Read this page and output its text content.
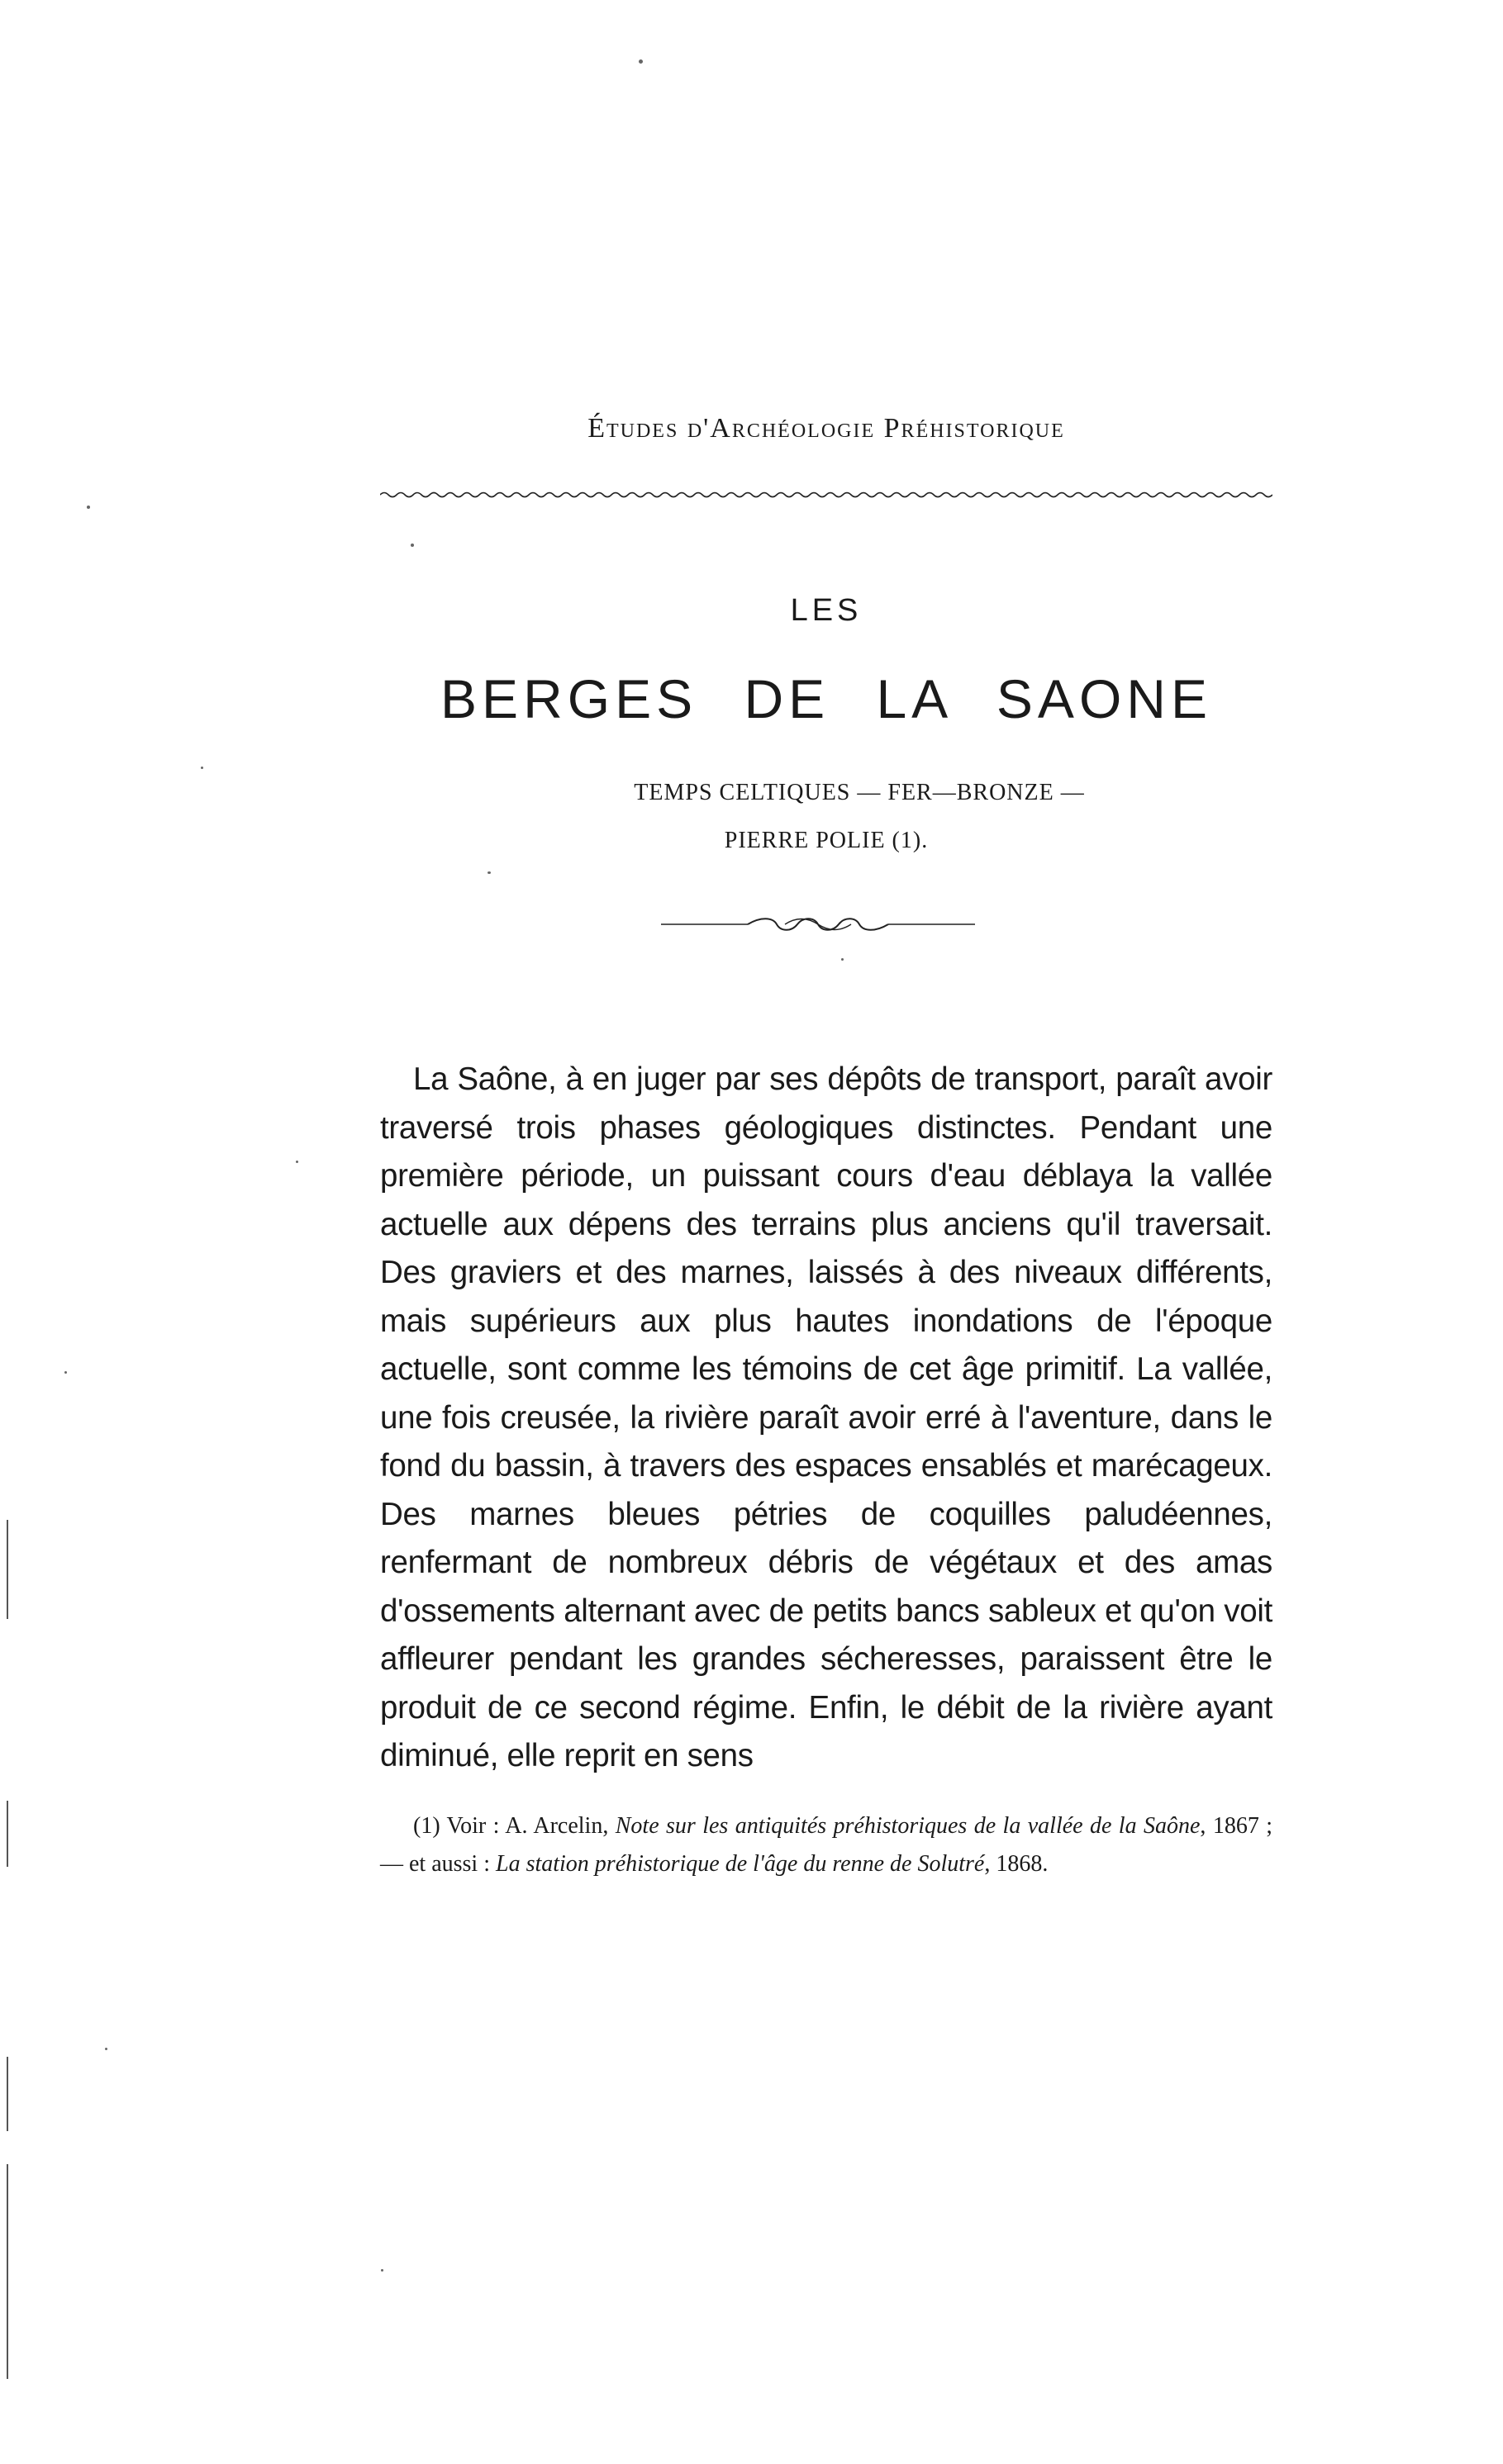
Études d'Archéologie Préhistorique
LES
BERGES DE LA SAONE
TEMPS CELTIQUES — FER—BRONZE —
PIERRE POLIE (1).

La Saône, à en juger par ses dépôts de transport, paraît avoir traversé trois phases géologiques distinctes. Pendant une première période, un puissant cours d'eau déblaya la vallée actuelle aux dépens des terrains plus anciens qu'il traversait. Des graviers et des marnes, laissés à des niveaux différents, mais supérieurs aux plus hautes inondations de l'époque actuelle, sont comme les témoins de cet âge primitif. La vallée, une fois creusée, la rivière paraît avoir erré à l'aventure, dans le fond du bassin, à travers des espaces ensablés et marécageux. Des marnes bleues pétries de coquilles paludéennes, renfermant de nombreux débris de végétaux et des amas d'ossements alternant avec de petits bancs sableux et qu'on voit affleurer pendant les grandes sécheresses, paraissent être le produit de ce second régime. Enfin, le débit de la rivière ayant diminué, elle reprit en sens

(1) Voir : A. Arcelin, Note sur les antiquités préhistoriques de la vallée de la Saône, 1867 ; — et aussi : La station préhistorique de l'âge du renne de Solutré, 1868.
